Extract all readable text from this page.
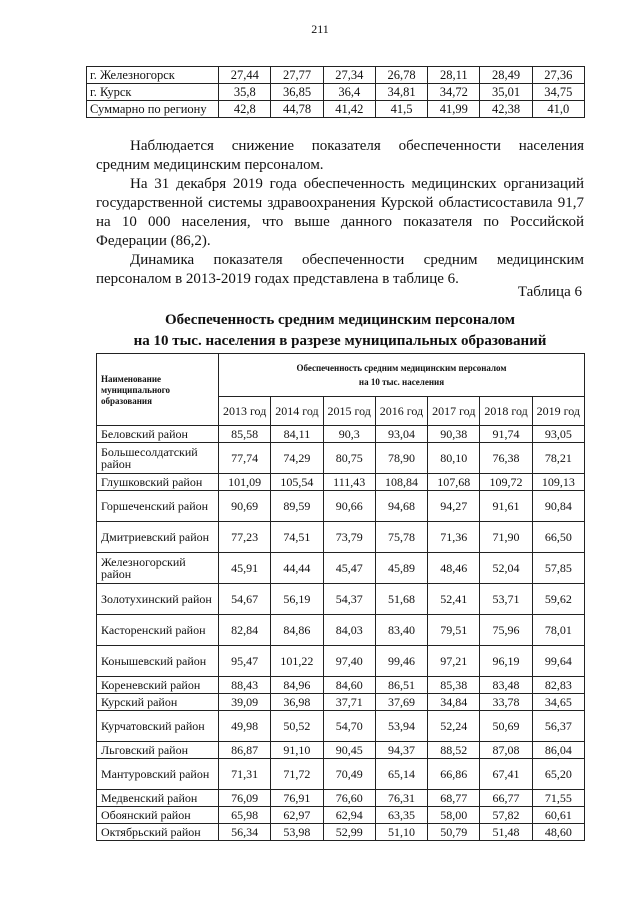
211
г. Железногорск	27,44	27,77	27,34	26,78	28,11	28,49	27,36
г. Курск	35,8	36,85	36,4	34,81	34,72	35,01	34,75
Суммарно по региону	42,8	44,78	41,42	41,5	41,99	42,38	41,0

Наблюдается снижение показателя обеспеченности населения средним медицинским персоналом.

На 31 декабря 2019 года обеспеченность медицинских организаций государственной системы здравоохранения Курской областисоставила 91,7 на 10 000 населения, что выше данного показателя по Российской Федерации (86,2).

Динамика показателя обеспеченности средним медицинским персоналом в 2013-2019 годах представлена в таблице 6.

Таблица 6
Обеспеченность средним медицинским персоналом
на 10 тыс. населения в разрезе муниципальных образований
Наименование муниципального образования	Обеспеченность средним медицинским персоналом
на 10 тыс. населения						

	2013 год	2014 год	2015 год	2016 год	2017 год	2018 год	2019 год
Беловский район	85,58	84,11	90,3	93,04	90,38	91,74	93,05
Большесолдатский район	77,74	74,29	80,75	78,90	80,10	76,38	78,21
Глушковский район	101,09	105,54	111,43	108,84	107,68	109,72	109,13
Горшеченский район	90,69	89,59	90,66	94,68	94,27	91,61	90,84
Дмитриевский район	77,23	74,51	73,79	75,78	71,36	71,90	66,50
Железногорский район	45,91	44,44	45,47	45,89	48,46	52,04	57,85
Золотухинский район	54,67	56,19	54,37	51,68	52,41	53,71	59,62
Касторенский район	82,84	84,86	84,03	83,40	79,51	75,96	78,01
Конышевский район	95,47	101,22	97,40	99,46	97,21	96,19	99,64
Кореневский район	88,43	84,96	84,60	86,51	85,38	83,48	82,83
Курский район	39,09	36,98	37,71	37,69	34,84	33,78	34,65
Курчатовский район	49,98	50,52	54,70	53,94	52,24	50,69	56,37
Льговский район	86,87	91,10	90,45	94,37	88,52	87,08	86,04
Мантуровский район	71,31	71,72	70,49	65,14	66,86	67,41	65,20
Медвенский район	76,09	76,91	76,60	76,31	68,77	66,77	71,55
Обоянский район	65,98	62,97	62,94	63,35	58,00	57,82	60,61
Октябрьский район	56,34	53,98	52,99	51,10	50,79	51,48	48,60
